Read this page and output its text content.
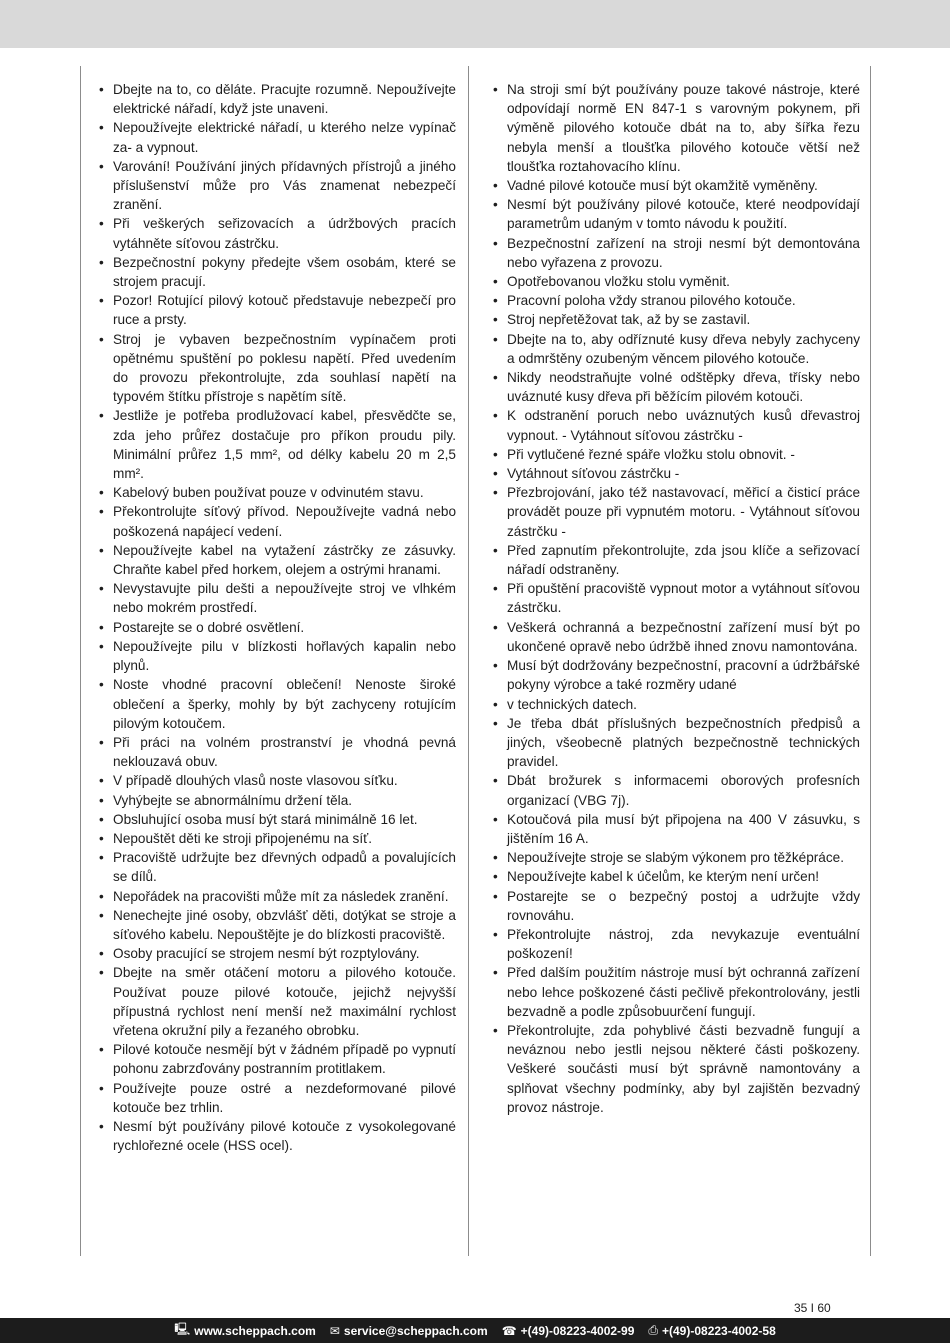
• Dbejte na to, co děláte. Pracujte rozumně. Nepoužívejte elektrické nářadí, když jste unaveni.
• Nepoužívejte elektrické nářadí, u kterého nelze vypínač za- a vypnout.
• Varování! Používání jiných přídavných přístrojů a jiného příslušenství může pro Vás znamenat nebezpečí zranění.
• Při veškerých seřizovacích a údržbových pracích vytáhněte síťovou zástrčku.
• Bezpečnostní pokyny předejte všem osobám, které se strojem pracují.
• Pozor! Rotující pilový kotouč představuje nebezpečí pro ruce a prsty.
• Stroj je vybaven bezpečnostním vypínačem proti opětnému spuštění po poklesu napětí. Před uvedením do provozu překontrolujte, zda souhlasí napětí na typovém štítku přístroje s napětím sítě.
• Jestliže je potřeba prodlužovací kabel, přesvědčte se, zda jeho průřez dostačuje pro příkon proudu pily. Minimální průřez 1,5 mm², od délky kabelu 20 m 2,5 mm².
• Kabelový buben používat pouze v odvinutém stavu.
• Překontrolujte síťový přívod. Nepoužívejte vadná nebo poškozená napájecí vedení.
• Nepoužívejte kabel na vytažení zástrčky ze zásuvky. Chraňte kabel před horkem, olejem a ostrými hranami.
• Nevystavujte pilu dešti a nepoužívejte stroj ve vlhkém nebo mokrém prostředí.
• Postarejte se o dobré osvětlení.
• Nepoužívejte pilu v blízkosti hořlavých kapalin nebo plynů.
• Noste vhodné pracovní oblečení! Nenoste široké oblečení a šperky, mohly by být zachyceny rotujícím pilovým kotoučem.
• Při práci na volném prostranství je vhodná pevná neklouzavá obuv.
• V případě dlouhých vlasů noste vlasovou síťku.
• Vyhýbejte se abnormálnímu držení těla.
• Obsluhující osoba musí být stará minimálně 16 let.
• Nepouštět děti ke stroji připojenému na síť.
• Pracoviště udržujte bez dřevných odpadů a povalujících se dílů.
• Nepořádek na pracovišti může mít za následek zranění.
• Nenechejte jiné osoby, obzvlášť děti, dotýkat se stroje a síťového kabelu. Nepouštějte je do blízkosti pracoviště.
• Osoby pracující se strojem nesmí být rozptylovány.
• Dbejte na směr otáčení motoru a pilového kotouče. Používat pouze pilové kotouče, jejichž nejvyšší přípustná rychlost není menší než maximální rychlost vřetena okružní pily a řezaného obrobku.
• Pilové kotouče nesmějí být v žádném případě po vypnutí pohonu zabrzďovány postranním protitlakem.
• Používejte pouze ostré a nezdeformované pilové kotouče bez trhlin.
• Nesmí být používány pilové kotouče z vysokolegované rychlořezné ocele (HSS ocel).
• Na stroji smí být používány pouze takové nástroje, které odpovídají normě EN 847-1 s varovným pokynem, při výměně pilového kotouče dbát na to, aby šířka řezu nebyla menší a tloušťka pilového kotouče větší než tloušťka roztahovacího klínu.
• Vadné pilové kotouče musí být okamžitě vyměněny.
• Nesmí být používány pilové kotouče, které neodpovídají parametrům udaným v tomto návodu k použití.
• Bezpečnostní zařízení na stroji nesmí být demontována nebo vyřazena z provozu.
• Opotřebovanou vložku stolu vyměnit.
• Pracovní poloha vždy stranou pilového kotouče.
• Stroj nepřetěžovat tak, až by se zastavil.
• Dbejte na to, aby odříznuté kusy dřeva nebyly zachyceny a odmrštěny ozubeným věncem pilového kotouče.
• Nikdy neodstraňujte volné odštěpky dřeva, třísky nebo uváznuté kusy dřeva při běžícím pilovém kotouči.
• K odstranění poruch nebo uváznutých kusů dřevastroj vypnout. - Vytáhnout síťovou zástrčku -
• Při vytlučené řezné spáře vložku stolu obnovit. -
• Vytáhnout síťovou zástrčku -
• Přezbrojování, jako též nastavovací, měřicí a čisticí práce provádět pouze při vypnutém motoru. - Vytáhnout síťovou zástrčku -
• Před zapnutím překontrolujte, zda jsou klíče a seřizovací nářadí odstraněny.
• Při opuštění pracoviště vypnout motor a vytáhnout síťovou zástrčku.
• Veškerá ochranná a bezpečnostní zařízení musí být po ukončené opravě nebo údržbě ihned znovu namontována.
• Musí být dodržovány bezpečnostní, pracovní a údržbářské pokyny výrobce a také rozměry udané
• v technických datech.
• Je třeba dbát příslušných bezpečnostních předpisů a jiných, všeobecně platných bezpečnostně technických pravidel.
• Dbát brožurek s informacemi oborových profesních organizací (VBG 7j).
• Kotoučová pila musí být připojena na 400 V zásuvku, s jištěním 16 A.
• Nepoužívejte stroje se slabým výkonem pro těžképráce.
• Nepoužívejte kabel k účelům, ke kterým není určen!
• Postarejte se o bezpečný postoj a udržujte vždy rovnováhu.
• Překontrolujte nástroj, zda nevykazuje eventuální poškození!
• Před dalším použitím nástroje musí být ochranná zařízení nebo lehce poškozené části pečlivě překontrolovány, jestli bezvadně a podle způsobuurčení fungují.
• Překontrolujte, zda pohyblivé části bezvadně fungují a neváznou nebo jestli nejsou některé části poškozeny. Veškeré součásti musí být správně namontovány a splňovat všechny podmínky, aby byl zajištěn bezvadný provoz nástroje.
35 I 60
🖳 www.scheppach.com ✉ service@scheppach.com ☎ +(49)-08223-4002-99 ⎙ +(49)-08223-4002-58
